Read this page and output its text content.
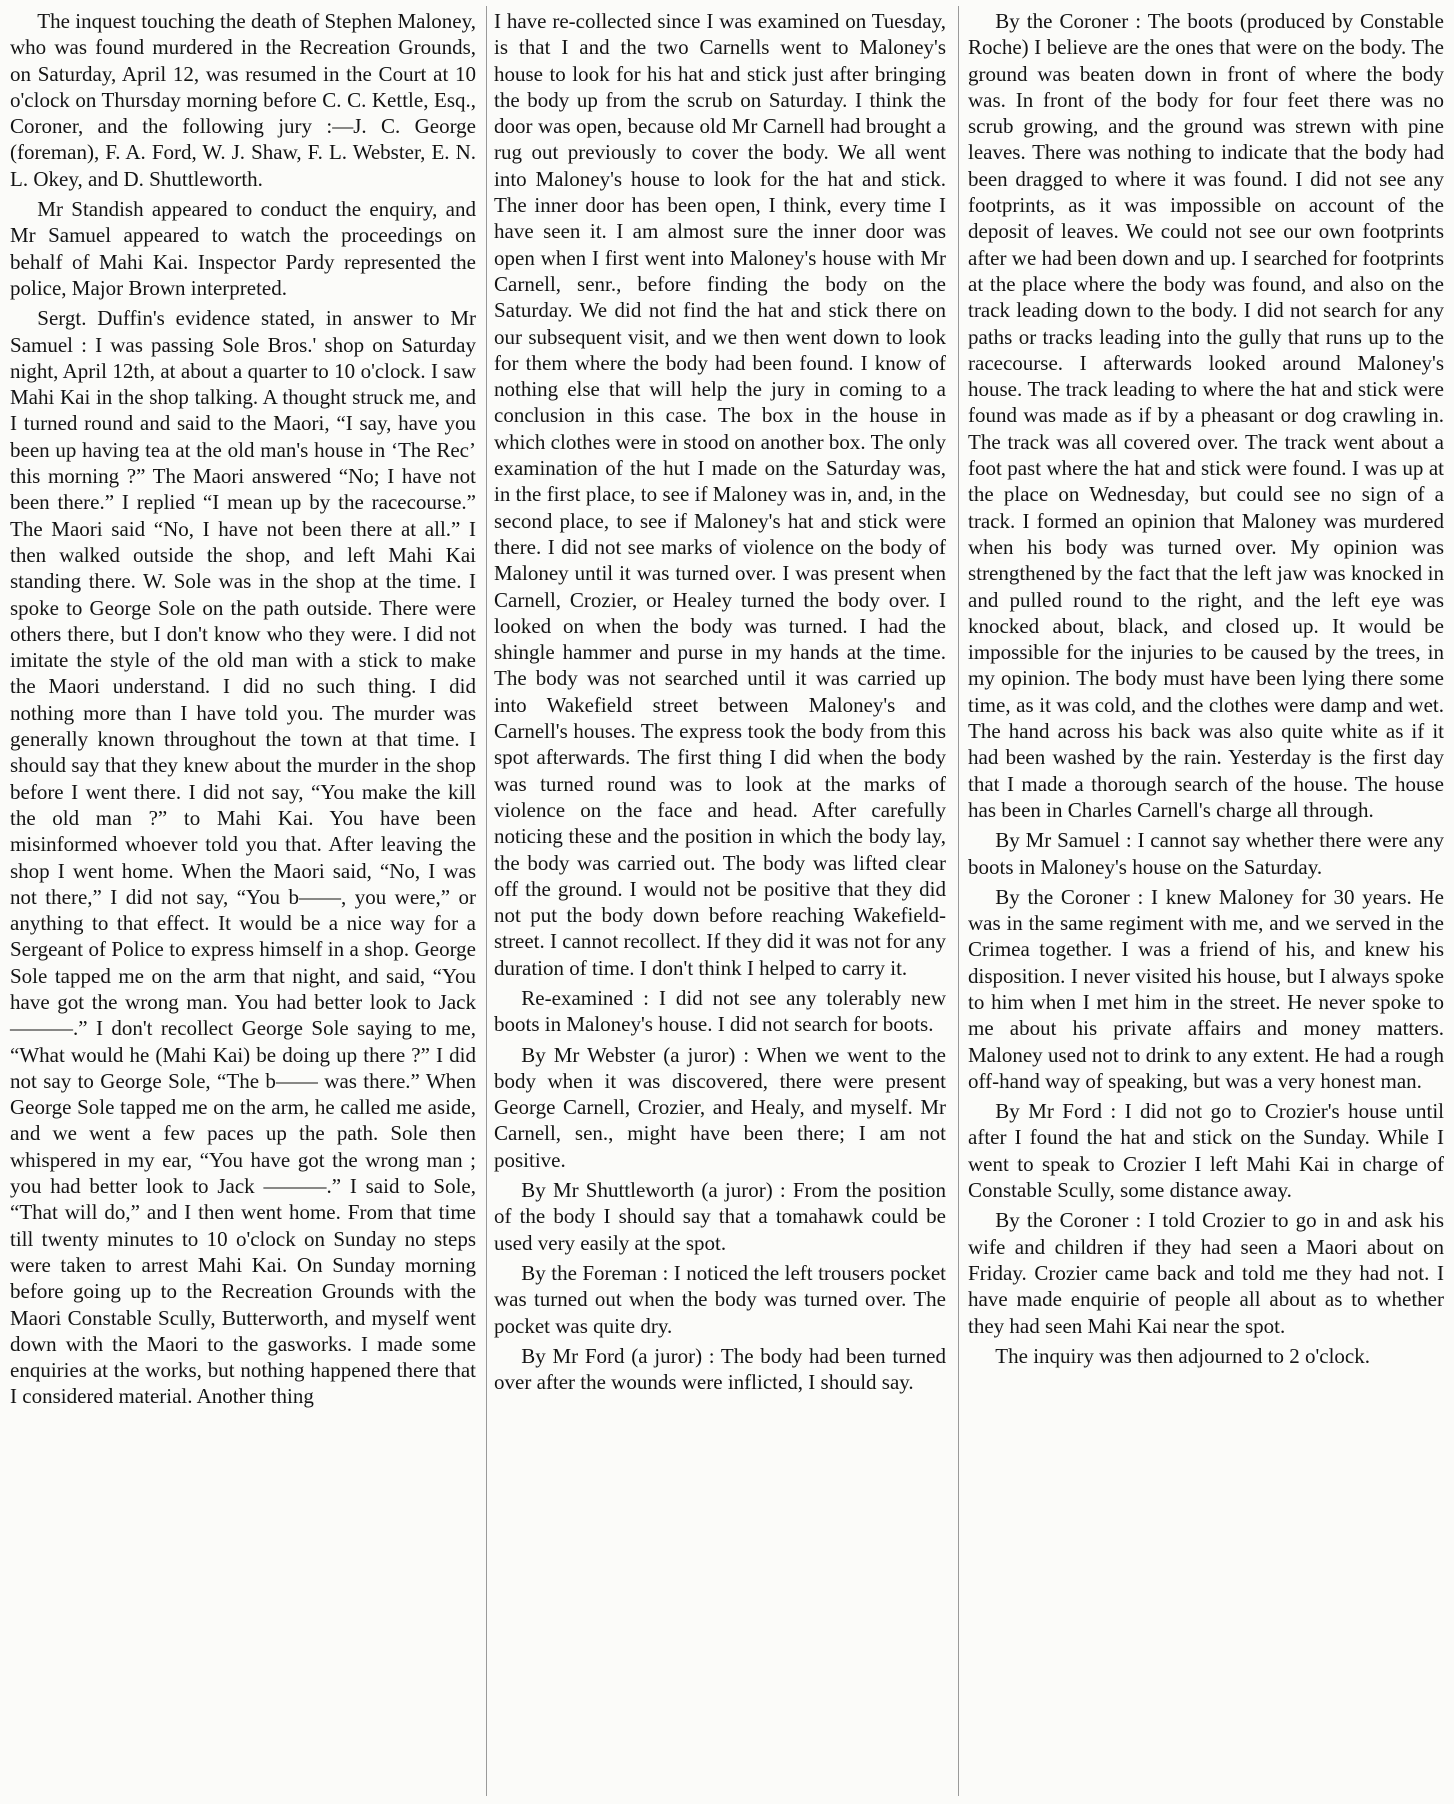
The inquest touching the death of Stephen Maloney, who was found murdered in the Recreation Grounds, on Saturday, April 12, was resumed in the Court at 10 o'clock on Thursday morning before C. C. Kettle, Esq., Coroner, and the following jury :—J. C. George (foreman), F. A. Ford, W. J. Shaw, F. L. Webster, E. N. L. Okey, and D. Shuttleworth.

Mr Standish appeared to conduct the enquiry, and Mr Samuel appeared to watch the proceedings on behalf of Mahi Kai. Inspector Pardy represented the police, Major Brown interpreted.

Sergt. Duffin's evidence stated, in answer to Mr Samuel : I was passing Sole Bros.' shop on Saturday night, April 12th, at about a quarter to 10 o'clock. I saw Mahi Kai in the shop talking. A thought struck me, and I turned round and said to the Maori, “I say, have you been up having tea at the old man's house in ‘The Rec’ this morning ?” The Maori answered “No; I have not been there.” I replied “I mean up by the racecourse.” The Maori said “No, I have not been there at all.” I then walked outside the shop, and left Mahi Kai standing there. W. Sole was in the shop at the time. I spoke to George Sole on the path outside. There were others there, but I don't know who they were. I did not imitate the style of the old man with a stick to make the Maori understand. I did no such thing. I did nothing more than I have told you. The murder was generally known throughout the town at that time. I should say that they knew about the murder in the shop before I went there. I did not say, “You make the kill the old man ?” to Mahi Kai. You have been misinformed whoever told you that. After leaving the shop I went home. When the Maori said, “No, I was not there,” I did not say, “You b——, you were,” or anything to that effect. It would be a nice way for a Sergeant of Police to express himself in a shop. George Sole tapped me on the arm that night, and said, “You have got the wrong man. You had better look to Jack ———.” I don't recollect George Sole saying to me, “What would he (Mahi Kai) be doing up there ?” I did not say to George Sole, “The b—— was there.” When George Sole tapped me on the arm, he called me aside, and we went a few paces up the path. Sole then whispered in my ear, “You have got the wrong man ; you had better look to Jack ———.” I said to Sole, “That will do,” and I then went home. From that time till twenty minutes to 10 o'clock on Sunday no steps were taken to arrest Mahi Kai. On Sunday morning before going up to the Recreation Grounds with the Maori Constable Scully, Butterworth, and myself went down with the Maori to the gasworks. I made some enquiries at the works, but nothing happened there that I considered material. Another thing

I have re-collected since I was examined on Tuesday, is that I and the two Carnells went to Maloney's house to look for his hat and stick just after bringing the body up from the scrub on Saturday. I think the door was open, because old Mr Carnell had brought a rug out previously to cover the body. We all went into Maloney's house to look for the hat and stick. The inner door has been open, I think, every time I have seen it. I am almost sure the inner door was open when I first went into Maloney's house with Mr Carnell, senr., before finding the body on the Saturday. We did not find the hat and stick there on our subsequent visit, and we then went down to look for them where the body had been found. I know of nothing else that will help the jury in coming to a conclusion in this case. The box in the house in which clothes were in stood on another box. The only examination of the hut I made on the Saturday was, in the first place, to see if Maloney was in, and, in the second place, to see if Maloney's hat and stick were there. I did not see marks of violence on the body of Maloney until it was turned over. I was present when Carnell, Crozier, or Healey turned the body over. I looked on when the body was turned. I had the shingle hammer and purse in my hands at the time. The body was not searched until it was carried up into Wakefield street between Maloney's and Carnell's houses. The express took the body from this spot afterwards. The first thing I did when the body was turned round was to look at the marks of violence on the face and head. After carefully noticing these and the position in which the body lay, the body was carried out. The body was lifted clear off the ground. I would not be positive that they did not put the body down before reaching Wakefield-street. I cannot recollect. If they did it was not for any duration of time. I don't think I helped to carry it.

Re-examined : I did not see any tolerably new boots in Maloney's house. I did not search for boots.

By Mr Webster (a juror) : When we went to the body when it was discovered, there were present George Carnell, Crozier, and Healy, and myself. Mr Carnell, sen., might have been there; I am not positive.

By Mr Shuttleworth (a juror) : From the position of the body I should say that a tomahawk could be used very easily at the spot.

By the Foreman : I noticed the left trousers pocket was turned out when the body was turned over. The pocket was quite dry.

By Mr Ford (a juror) : The body had been turned over after the wounds were inflicted, I should say.

By the Coroner : The boots (produced by Constable Roche) I believe are the ones that were on the body. The ground was beaten down in front of where the body was. In front of the body for four feet there was no scrub growing, and the ground was strewn with pine leaves. There was nothing to indicate that the body had been dragged to where it was found. I did not see any footprints, as it was impossible on account of the deposit of leaves. We could not see our own footprints after we had been down and up. I searched for footprints at the place where the body was found, and also on the track leading down to the body. I did not search for any paths or tracks leading into the gully that runs up to the racecourse. I afterwards looked around Maloney's house. The track leading to where the hat and stick were found was made as if by a pheasant or dog crawling in. The track was all covered over. The track went about a foot past where the hat and stick were found. I was up at the place on Wednesday, but could see no sign of a track. I formed an opinion that Maloney was murdered when his body was turned over. My opinion was strengthened by the fact that the left jaw was knocked in and pulled round to the right, and the left eye was knocked about, black, and closed up. It would be impossible for the injuries to be caused by the trees, in my opinion. The body must have been lying there some time, as it was cold, and the clothes were damp and wet. The hand across his back was also quite white as if it had been washed by the rain. Yesterday is the first day that I made a thorough search of the house. The house has been in Charles Carnell's charge all through.

By Mr Samuel : I cannot say whether there were any boots in Maloney's house on the Saturday.

By the Coroner : I knew Maloney for 30 years. He was in the same regiment with me, and we served in the Crimea together. I was a friend of his, and knew his disposition. I never visited his house, but I always spoke to him when I met him in the street. He never spoke to me about his private affairs and money matters. Maloney used not to drink to any extent. He had a rough off-hand way of speaking, but was a very honest man.

By Mr Ford : I did not go to Crozier's house until after I found the hat and stick on the Sunday. While I went to speak to Crozier I left Mahi Kai in charge of Constable Scully, some distance away.

By the Coroner : I told Crozier to go in and ask his wife and children if they had seen a Maori about on Friday. Crozier came back and told me they had not. I have made enquirie of people all about as to whether they had seen Mahi Kai near the spot.

The inquiry was then adjourned to 2 o'clock.
